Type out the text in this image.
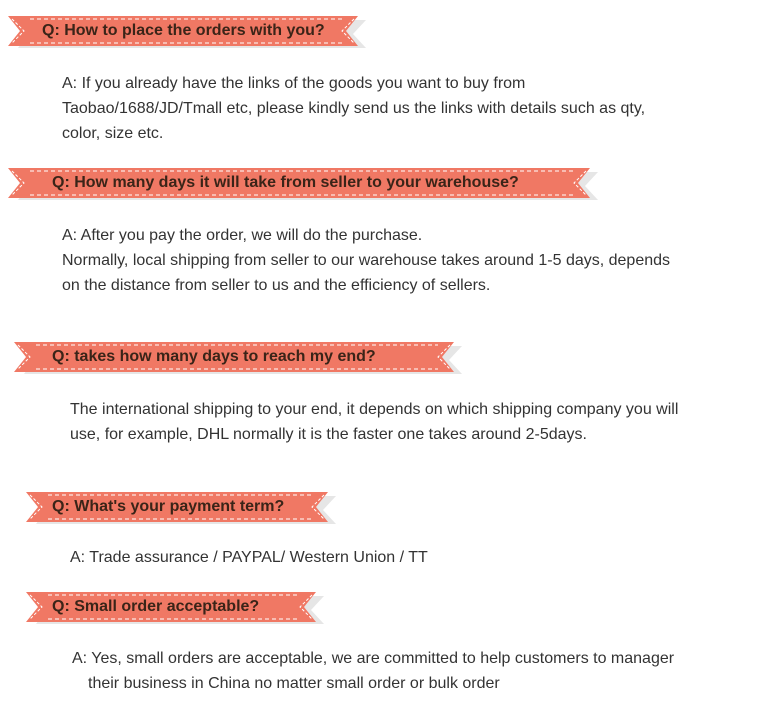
Q: How to place the orders with you?

A: If you already have the links of the goods you want to buy from

Taobao/1688/JD/Tmall etc, please kindly send us the links with details such as qty,

color, size etc.

Q: How many days it will take from seller to your warehouse?

A: After you pay the order, we will do the purchase.

Normally, local shipping from seller to our warehouse takes around 1-5 days, depends

on the distance from seller to us and the efficiency of sellers.

Q: takes how many days to reach my end?

The international shipping to your end, it depends on which shipping company you will

use, for example, DHL normally it is the faster one takes around 2-5days.

Q: What's your payment term?

A: Trade assurance / PAYPAL/ Western Union / TT

Q: Small order acceptable?

A: Yes, small orders are acceptable, we are committed to help customers to manager

their business in China no matter small order or bulk order
